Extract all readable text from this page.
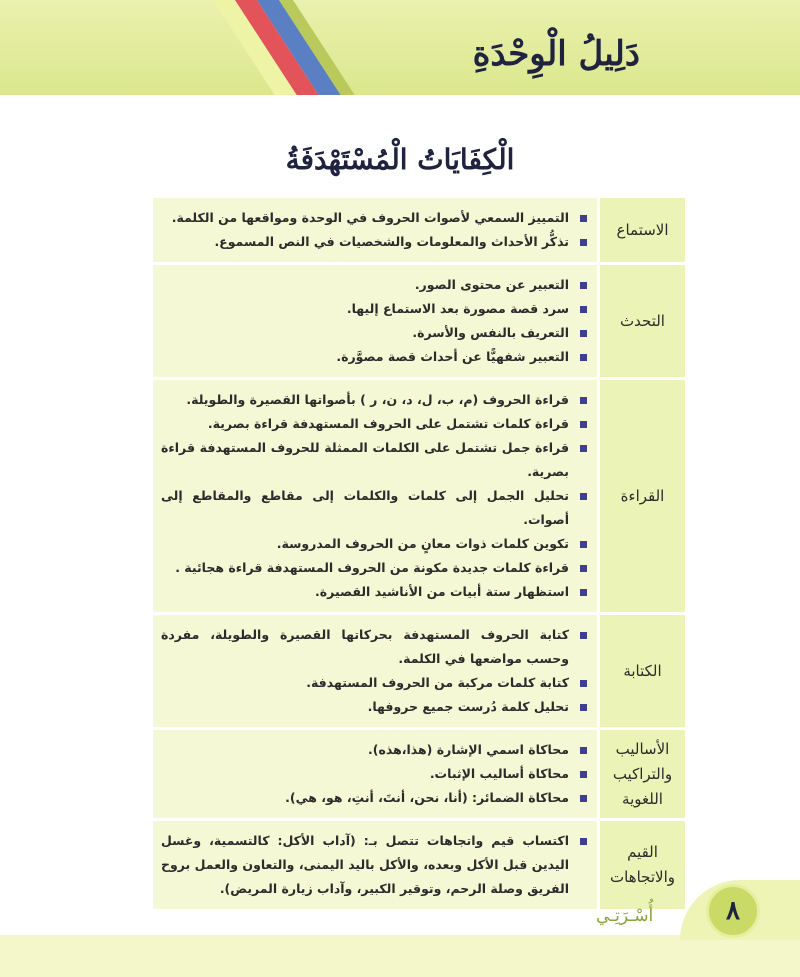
دَلِيلُ الْوِحْدَةِ
الْكِفَايَاتُ الْمُسْتَهْدَفَةُ
الاستماع
التمييز السمعي لأصوات الحروف في الوحدة ومواقعها من الكلمة.
تذكُّر الأحداث والمعلومات والشخصيات في النص المسموع.
التحدث
التعبير عن محتوى الصور.
سرد قصة مصورة بعد الاستماع إليها.
التعريف بالنفس والأسرة.
التعبير شفهيًّا عن أحداث قصة مصوَّرة.
القراءة
قراءة الحروف (م، ب، ل، د، ن، ر ) بأصواتها القصيرة والطويلة.
قراءة كلمات تشتمل على الحروف المستهدفة قراءة بصرية.
قراءة جمل تشتمل على الكلمات الممثلة للحروف المستهدفة قراءة بصرية.
تحليل الجمل إلى كلمات والكلمات إلى مقاطع والمقاطع إلى أصوات.
تكوين كلمات ذوات معانٍ من الحروف المدروسة.
قراءة كلمات جديدة مكونة من الحروف المستهدفة قراءة هجائية .
استظهار ستة أبيات من الأناشيد القصيرة.
الكتابة
كتابة الحروف المستهدفة بحركاتها القصيرة والطويلة، مفردة وحسب مواضعها في الكلمة.
كتابة كلمات مركبة من الحروف المستهدفة.
تحليل كلمة دُرست جميع حروفها.
الأساليب والتراكيب اللغوية
محاكاة اسمي الإشارة (هذا،هذه).
محاكاة أساليب الإثبات.
محاكاة الضمائر: (أنا، نحن، أنتَ، أنتِ، هو، هي).
القيم والاتجاهات
اكتساب قيم واتجاهات تتصل بـ: (آداب الأكل: كالتسمية، وغسل اليدين قبل الأكل وبعده، والأكل باليد اليمنى، والتعاون والعمل بروح الفريق وصلة الرحم، وتوقير الكبير، وآداب زيارة المريض).
٨
أُسْـرَتِـي
